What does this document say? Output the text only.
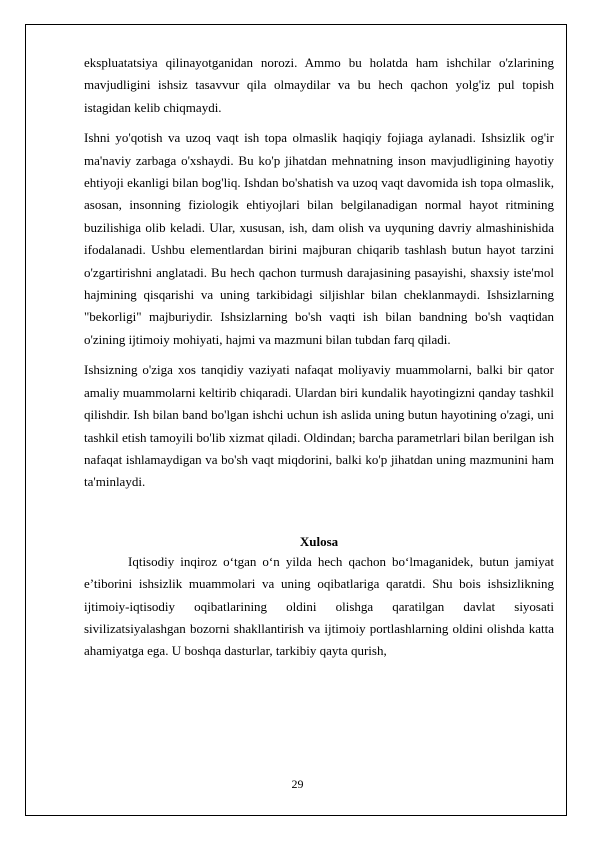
ekspluatatsiya qilinayotganidan norozi. Ammo bu holatda ham ishchilar o'zlarining mavjudligini ishsiz tasavvur qila olmaydilar va bu hech qachon yolg'iz pul topish istagidan kelib chiqmaydi.

Ishni yo'qotish va uzoq vaqt ish topa olmaslik haqiqiy fojiaga aylanadi. Ishsizlik og'ir ma'naviy zarbaga o'xshaydi. Bu ko'p jihatdan mehnatning inson mavjudligining hayotiy ehtiyoji ekanligi bilan bog'liq. Ishdan bo'shatish va uzoq vaqt davomida ish topa olmaslik, asosan, insonning fiziologik ehtiyojlari bilan belgilanadigan normal hayot ritmining buzilishiga olib keladi. Ular, xususan, ish, dam olish va uyquning davriy almashinishida ifodalanadi. Ushbu elementlardan birini majburan chiqarib tashlash butun hayot tarzini o'zgartirishni anglatadi. Bu hech qachon turmush darajasining pasayishi, shaxsiy iste'mol hajmining qisqarishi va uning tarkibidagi siljishlar bilan cheklanmaydi. Ishsizlarning "bekorligi" majburiydir. Ishsizlarning bo'sh vaqti ish bilan bandning bo'sh vaqtidan o'zining ijtimoiy mohiyati, hajmi va mazmuni bilan tubdan farq qiladi.

Ishsizning o'ziga xos tanqidiy vaziyati nafaqat moliyaviy muammolarni, balki bir qator amaliy muammolarni keltirib chiqaradi. Ulardan biri kundalik hayotingizni qanday tashkil qilishdir. Ish bilan band bo'lgan ishchi uchun ish aslida uning butun hayotining o'zagi, uni tashkil etish tamoyili bo'lib xizmat qiladi. Oldindan; barcha parametrlari bilan berilgan ish nafaqat ishlamaydigan va bo'sh vaqt miqdorini, balki ko'p jihatdan uning mazmunini ham ta'minlaydi.

Xulosa

Iqtisodiy inqiroz o‘tgan o‘n yilda hech qachon bo‘lmaganidek, butun jamiyat e’tiborini ishsizlik muammolari va uning oqibatlariga qaratdi. Shu bois ishsizlikning ijtimoiy-iqtisodiy oqibatlarining oldini olishga qaratilgan davlat siyosati sivilizatsiyalashgan bozorni shakllantirish va ijtimoiy portlashlarning oldini olishda katta ahamiyatga ega. U boshqa dasturlar, tarkibiy qayta qurish,

29
